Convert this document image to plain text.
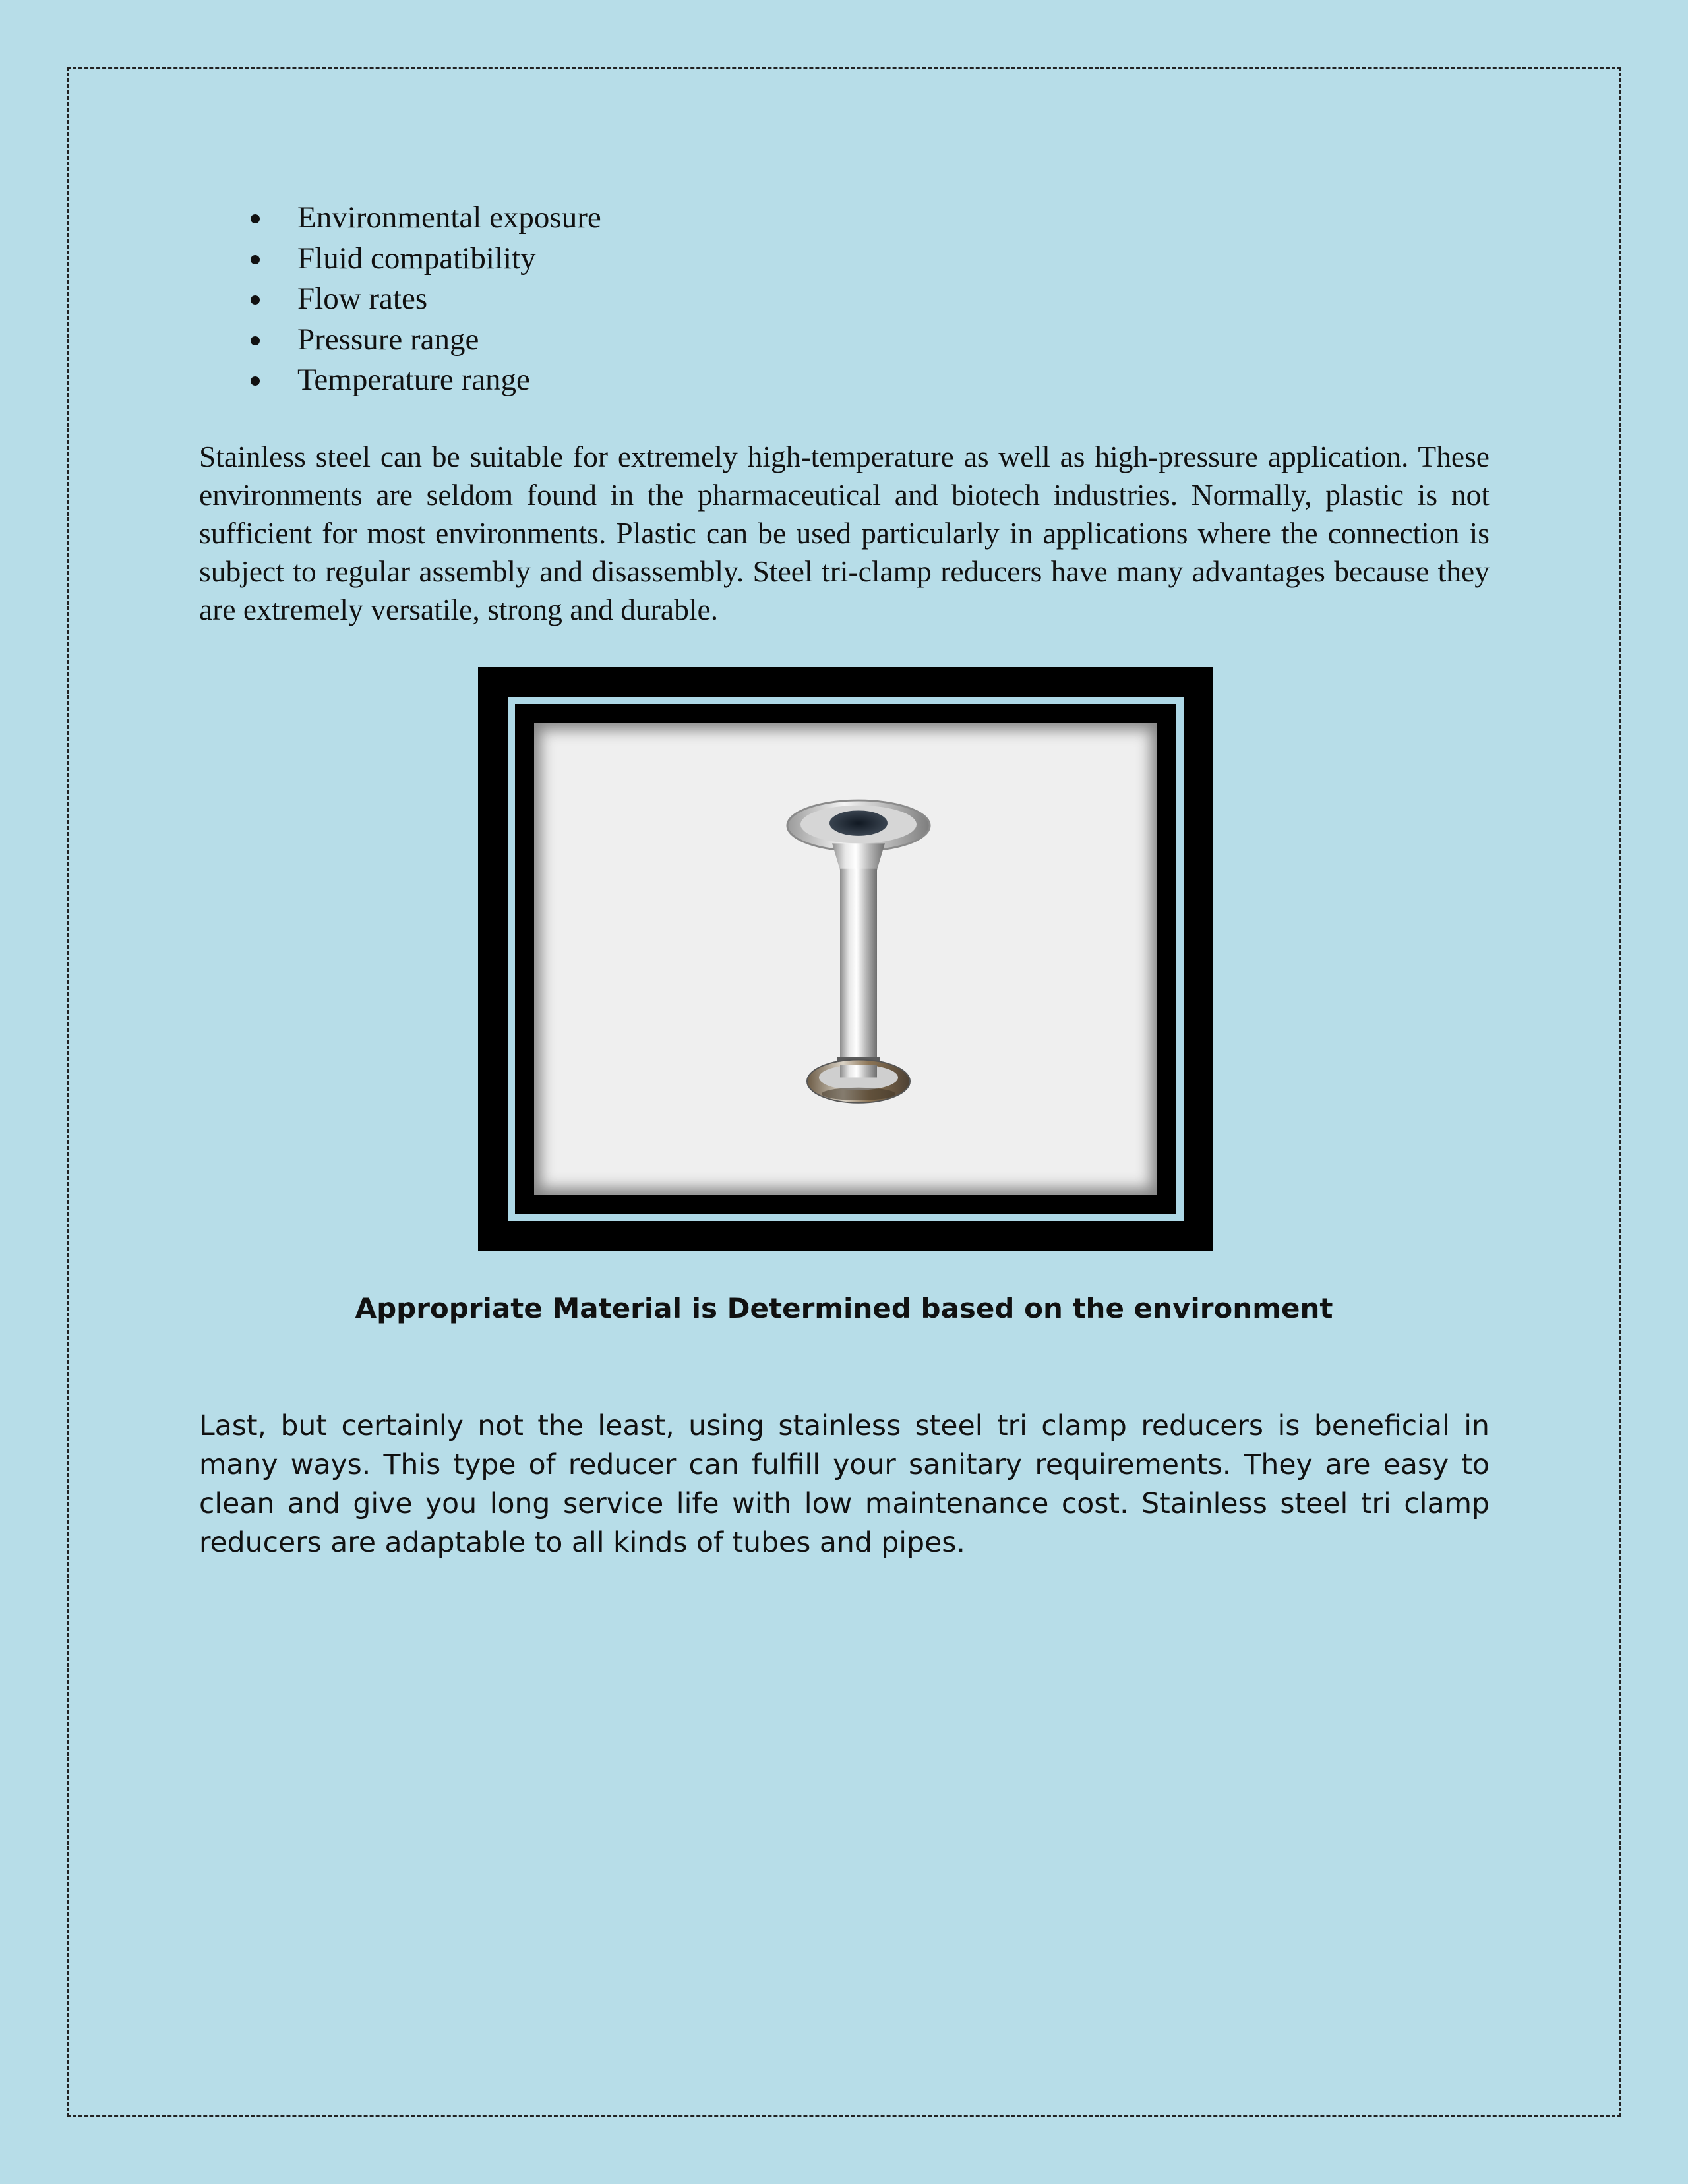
Environmental exposure
Fluid compatibility
Flow rates
Pressure range
Temperature range

Stainless steel can be suitable for extremely high-temperature as well as high-pressure application. These environments are seldom found in the pharmaceutical and biotech industries. Normally, plastic is not sufficient for most environments. Plastic can be used particularly in applications where the connection is subject to regular assembly and disassembly. Steel tri-clamp reducers have many advantages because they are extremely versatile, strong and durable.

Appropriate Material is Determined based on the environment

Last, but certainly not the least, using stainless steel tri clamp reducers is beneficial in many ways. This type of reducer can fulfill your sanitary requirements. They are easy to clean and give you long service life with low maintenance cost. Stainless steel tri clamp reducers are adaptable to all kinds of tubes and pipes.
